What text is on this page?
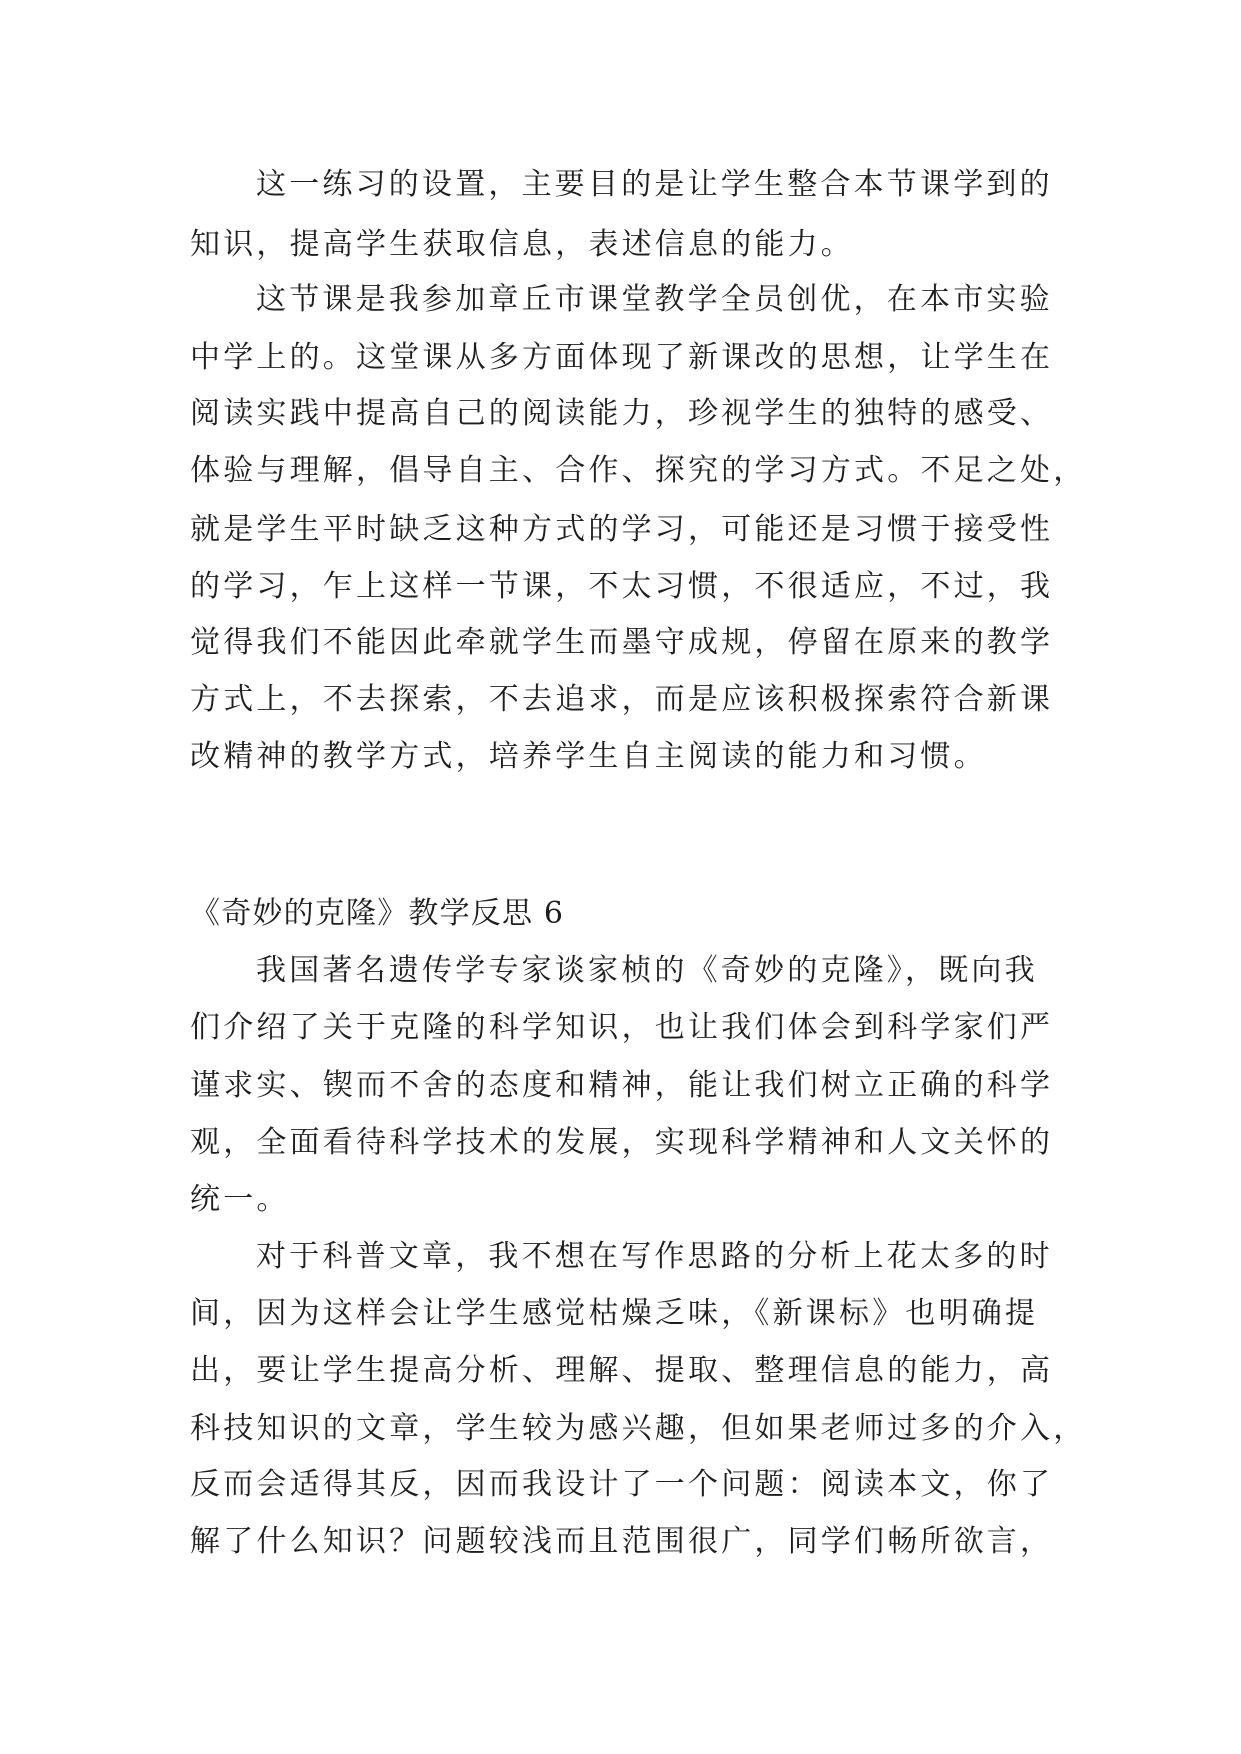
这一练习的设置，主要目的是让学生整合本节课学到的
知识，提高学生获取信息，表述信息的能力。
这节课是我参加章丘市课堂教学全员创优，在本市实验
中学上的。这堂课从多方面体现了新课改的思想，让学生在
阅读实践中提高自己的阅读能力，珍视学生的独特的感受、
体验与理解，倡导自主、合作、探究的学习方式。不足之处，
就是学生平时缺乏这种方式的学习，可能还是习惯于接受性
的学习，乍上这样一节课，不太习惯，不很适应，不过，我
觉得我们不能因此牵就学生而墨守成规，停留在原来的教学
方式上，不去探索，不去追求，而是应该积极探索符合新课
改精神的教学方式，培养学生自主阅读的能力和习惯。
《奇妙的克隆》教学反思 6
我国著名遗传学专家谈家桢的《奇妙的克隆》，既向我
们介绍了关于克隆的科学知识，也让我们体会到科学家们严
谨求实、锲而不舍的态度和精神，能让我们树立正确的科学
观，全面看待科学技术的发展，实现科学精神和人文关怀的
统一。
对于科普文章，我不想在写作思路的分析上花太多的时
间，因为这样会让学生感觉枯燥乏味，《新课标》也明确提
出，要让学生提高分析、理解、提取、整理信息的能力，高
科技知识的文章，学生较为感兴趣，但如果老师过多的介入，
反而会适得其反，因而我设计了一个问题：阅读本文，你了
解了什么知识？问题较浅而且范围很广，同学们畅所欲言，
